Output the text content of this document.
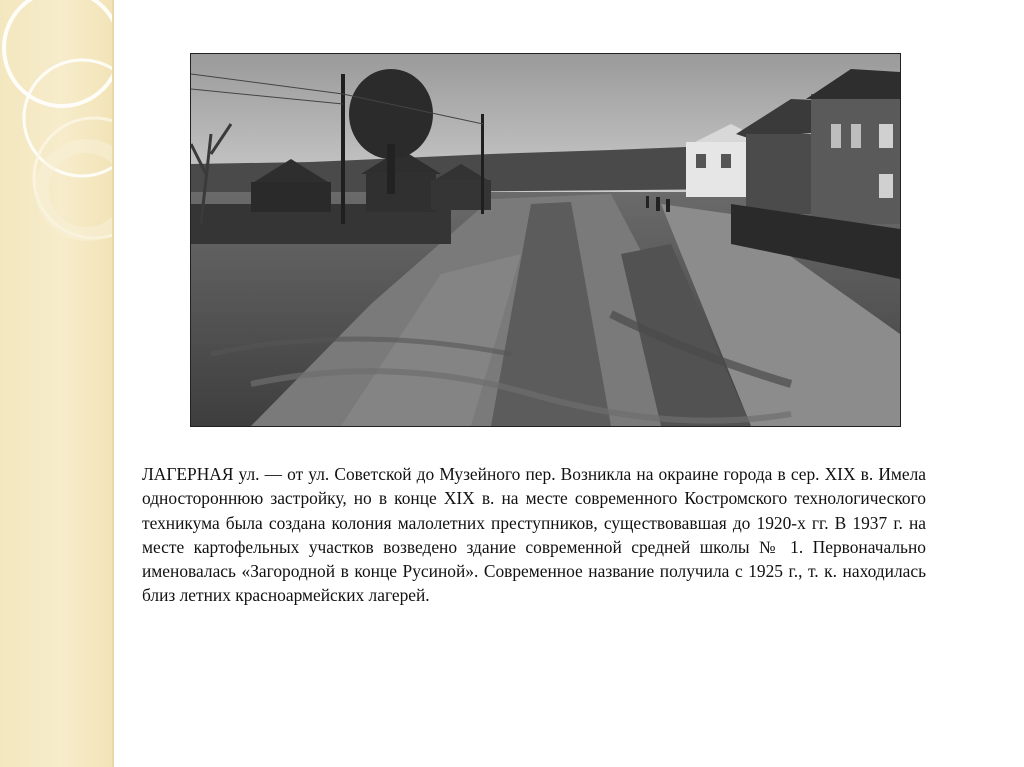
ЛАГЕРНАЯ ул. — от ул. Советской до Музейного пер. Возникла на окраине города в сер. XIX в. Имела одностороннюю застройку, но в конце XIX в. на месте современного Костромского технологического техникума была создана колония малолетних преступников, существовавшая до 1920-х гг. В 1937 г. на месте картофельных участков возведено здание современной средней школы № 1. Первоначально именовалась «Загородной в конце Русиной». Современное название получила с 1925 г., т. к. находилась близ летних красноармейских лагерей.
